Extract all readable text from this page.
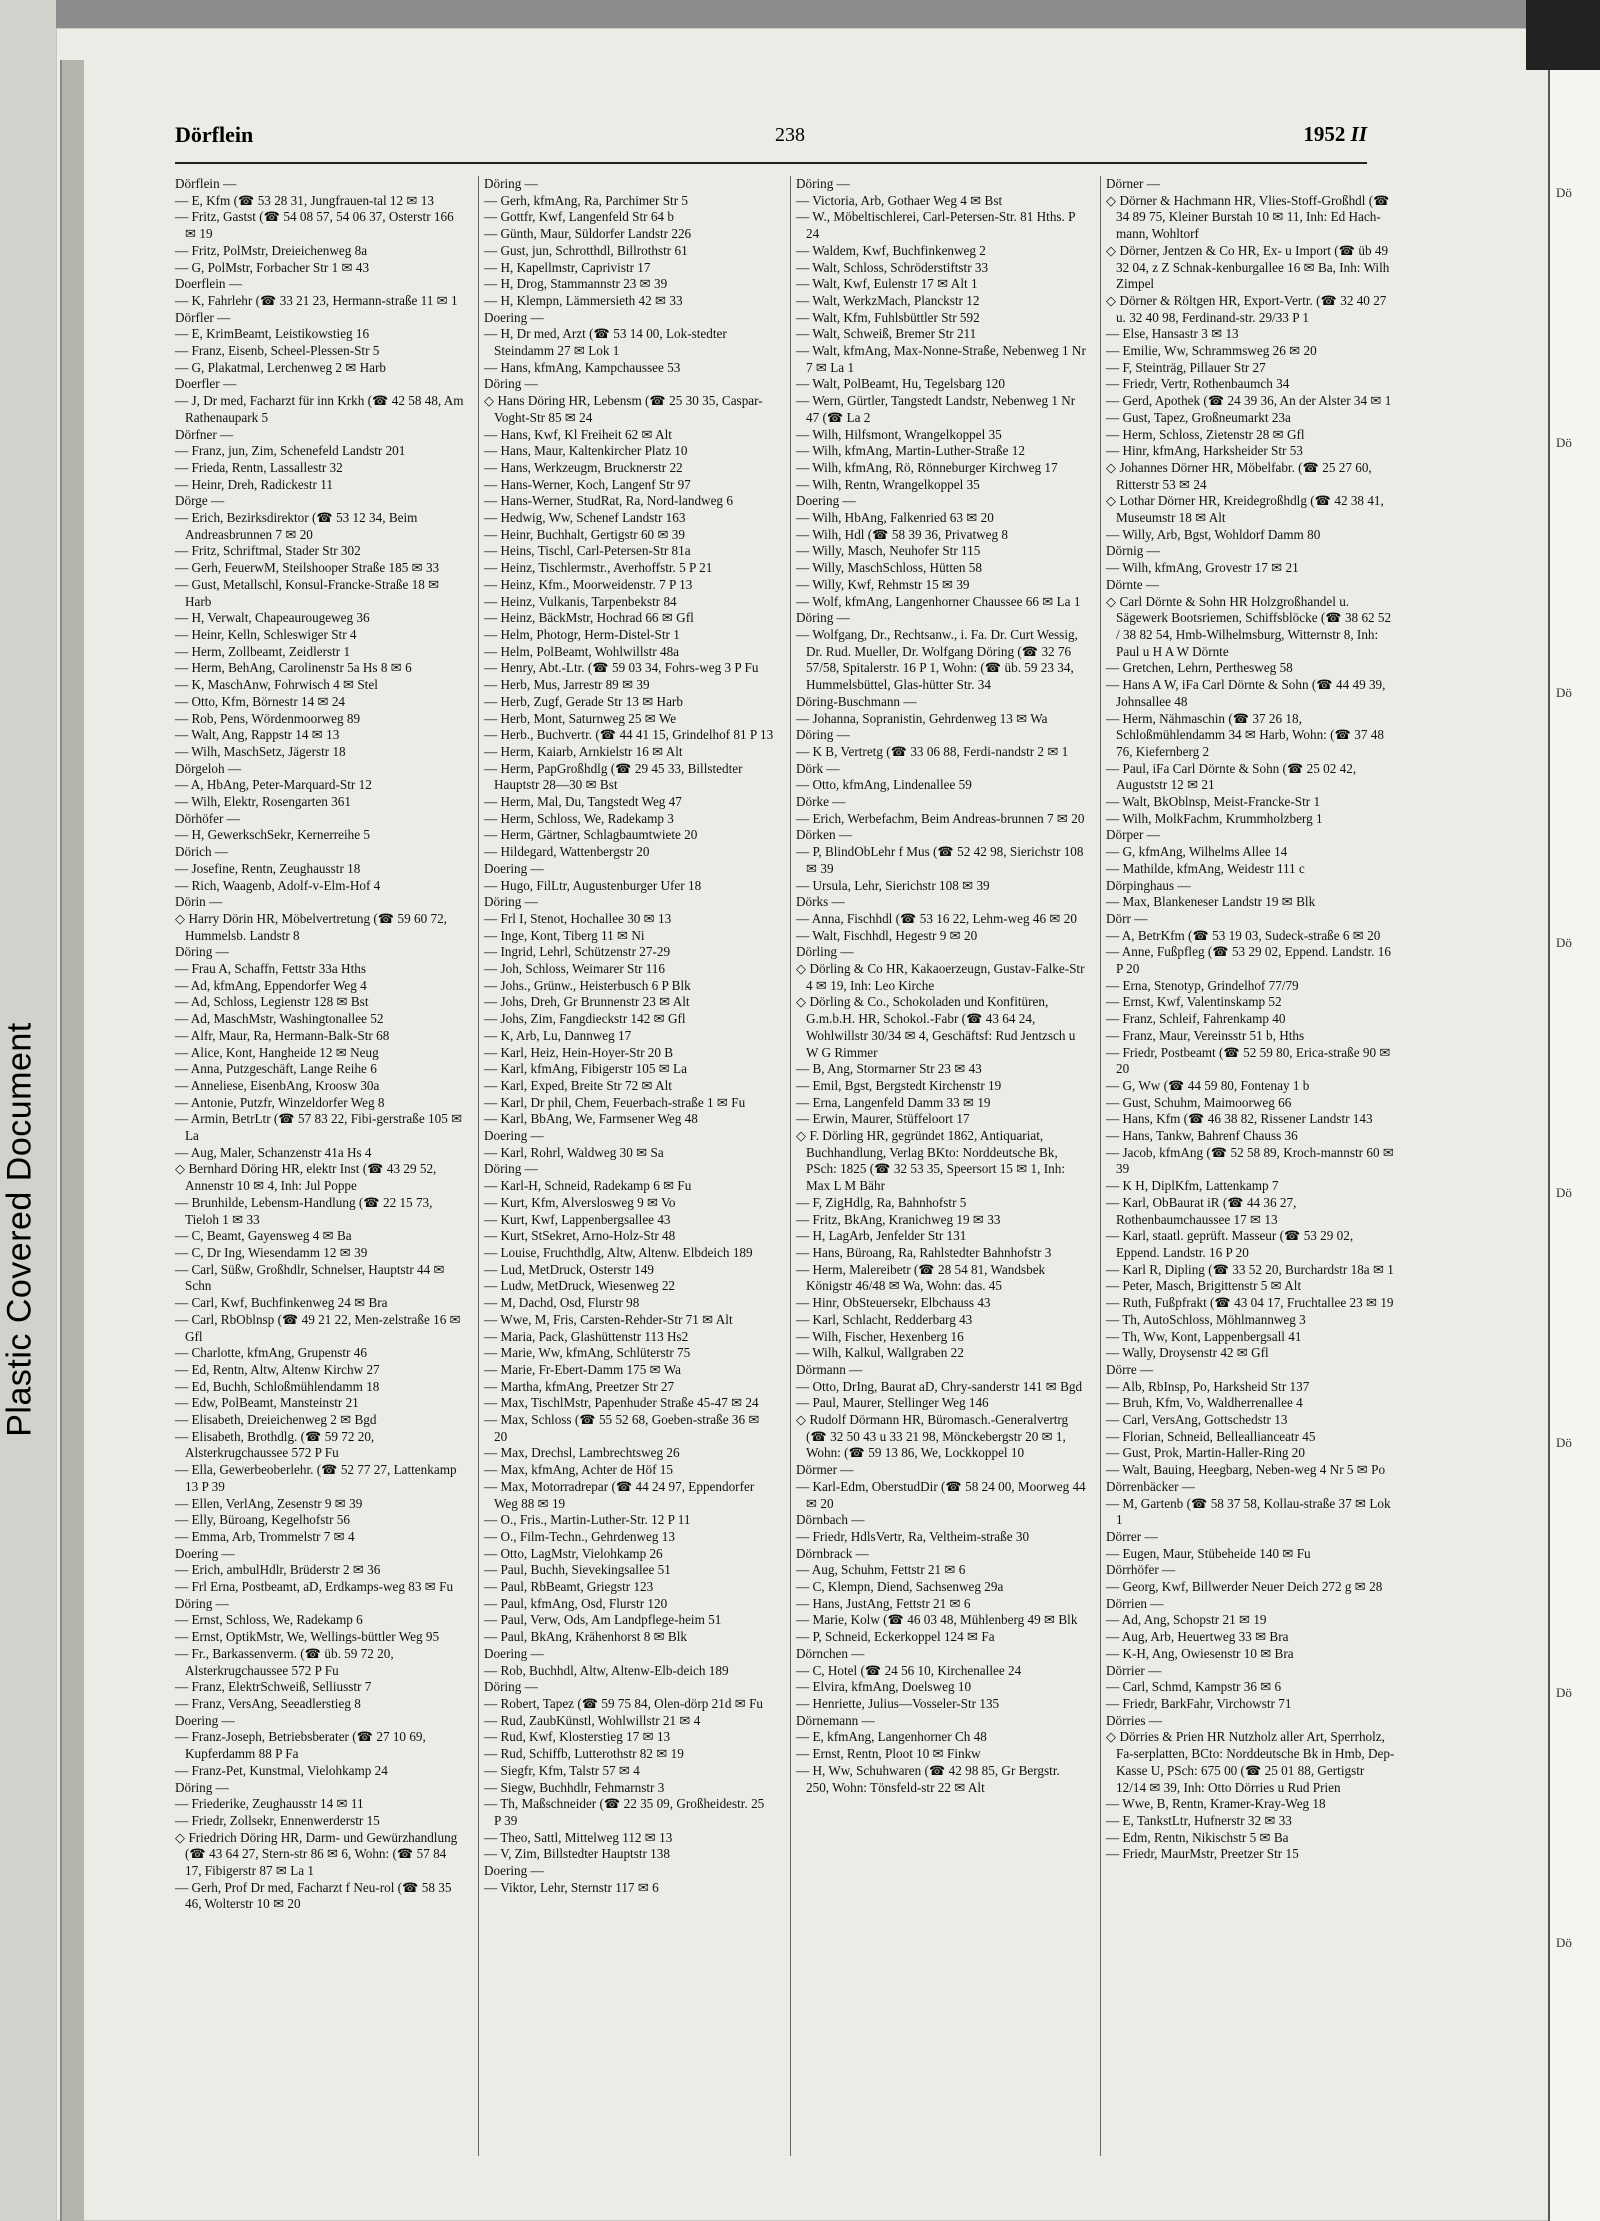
Plastic Covered Document
Dörflein	238	1952 II

Dörflein —

— E, Kfm (☎ 53 28 31, Jungfrauen-tal 12 ✉ 13

— Fritz, Gastst (☎ 54 08 57, 54 06 37, Osterstr 166 ✉ 19

— Fritz, PolMstr, Dreieichenweg 8a

— G, PolMstr, Forbacher Str 1 ✉ 43

Doerflein —

— K, Fahrlehr (☎ 33 21 23, Hermann-straße 11 ✉ 1

Dörfler —

— E, KrimBeamt, Leistikowstieg 16

— Franz, Eisenb, Scheel-Plessen-Str 5

— G, Plakatmal, Lerchenweg 2 ✉ Harb

Doerfler —

— J, Dr med, Facharzt für inn Krkh (☎ 42 58 48, Am Rathenaupark 5

Dörfner —

— Franz, jun, Zim, Schenefeld Landstr 201

— Frieda, Rentn, Lassallestr 32

— Heinr, Dreh, Radickestr 11

Dörge —

— Erich, Bezirksdirektor (☎ 53 12 34, Beim Andreasbrunnen 7 ✉ 20

— Fritz, Schriftmal, Stader Str 302

— Gerh, FeuerwM, Steilshooper Straße 185 ✉ 33

— Gust, Metallschl, Konsul-Francke-Straße 18 ✉ Harb

— H, Verwalt, Chapeaurougeweg 36

— Heinr, Kelln, Schleswiger Str 4

— Herm, Zollbeamt, Zeidlerstr 1

— Herm, BehAng, Carolinenstr 5a Hs 8 ✉ 6

— K, MaschAnw, Fohrwisch 4 ✉ Stel

— Otto, Kfm, Börnestr 14 ✉ 24

— Rob, Pens, Wördenmoorweg 89

— Walt, Ang, Rappstr 14 ✉ 13

— Wilh, MaschSetz, Jägerstr 18

Dörgeloh —

— A, HbAng, Peter-Marquard-Str 12

— Wilh, Elektr, Rosengarten 361

Dörhöfer —

— H, GewerkschSekr, Kernerreihe 5

Dörich —

— Josefine, Rentn, Zeughausstr 18

— Rich, Waagenb, Adolf-v-Elm-Hof 4

Dörin —

◇ Harry Dörin HR, Möbelvertretung (☎ 59 60 72, Hummelsb. Landstr 8

Döring —

— Frau A, Schaffn, Fettstr 33a Hths

— Ad, kfmAng, Eppendorfer Weg 4

— Ad, Schloss, Legienstr 128 ✉ Bst

— Ad, MaschMstr, Washingtonallee 52

— Alfr, Maur, Ra, Hermann-Balk-Str 68

— Alice, Kont, Hangheide 12 ✉ Neug

— Anna, Putzgeschäft, Lange Reihe 6

— Anneliese, EisenbAng, Kroosw 30a

— Antonie, Putzfr, Winzeldorfer Weg 8

— Armin, BetrLtr (☎ 57 83 22, Fibi-gerstraße 105 ✉ La

— Aug, Maler, Schanzenstr 41a Hs 4

◇ Bernhard Döring HR, elektr Inst (☎ 43 29 52, Annenstr 10 ✉ 4, Inh: Jul Poppe

— Brunhilde, Lebensm-Handlung (☎ 22 15 73, Tieloh 1 ✉ 33

— C, Beamt, Gayensweg 4 ✉ Ba

— C, Dr Ing, Wiesendamm 12 ✉ 39

— Carl, Süßw, Großhdlr, Schnelser, Hauptstr 44 ✉ Schn

— Carl, Kwf, Buchfinkenweg 24 ✉ Bra

— Carl, RbOblnsp (☎ 49 21 22, Men-zelstraße 16 ✉ Gfl

— Charlotte, kfmAng, Grupenstr 46

— Ed, Rentn, Altw, Altenw Kirchw 27

— Ed, Buchh, Schloßmühlendamm 18

— Edw, PolBeamt, Mansteinstr 21

— Elisabeth, Dreieichenweg 2 ✉ Bgd

— Elisabeth, Brothdlg. (☎ 59 72 20, Alsterkrugchaussee 572 P Fu

— Ella, Gewerbeoberlehr. (☎ 52 77 27, Lattenkamp 13 P 39

— Ellen, VerlAng, Zesenstr 9 ✉ 39

— Elly, Büroang, Kegelhofstr 56

— Emma, Arb, Trommelstr 7 ✉ 4

Doering —

— Erich, ambulHdlr, Brüderstr 2 ✉ 36

— Frl Erna, Postbeamt, aD, Erdkamps-weg 83 ✉ Fu

Döring —

— Ernst, Schloss, We, Radekamp 6

— Ernst, OptikMstr, We, Wellings-büttler Weg 95

— Fr., Barkassenverm. (☎ üb. 59 72 20, Alsterkrugchaussee 572 P Fu

— Franz, ElektrSchweiß, Selliusstr 7

— Franz, VersAng, Seeadlerstieg 8

Doering —

— Franz-Joseph, Betriebsberater (☎ 27 10 69, Kupferdamm 88 P Fa

— Franz-Pet, Kunstmal, Vielohkamp 24

Döring —

— Friederike, Zeughausstr 14 ✉ 11

— Friedr, Zollsekr, Ennenwerderstr 15

◇ Friedrich Döring HR, Darm- und Gewürzhandlung (☎ 43 64 27, Stern-str 86 ✉ 6, Wohn: (☎ 57 84 17, Fibigerstr 87 ✉ La 1

— Gerh, Prof Dr med, Facharzt f Neu-rol (☎ 58 35 46, Wolterstr 10 ✉ 20

Döring —

— Gerh, kfmAng, Ra, Parchimer Str 5

— Gottfr, Kwf, Langenfeld Str 64 b

— Günth, Maur, Süldorfer Landstr 226

— Gust, jun, Schrotthdl, Billrothstr 61

— H, Kapellmstr, Caprivistr 17

— H, Drog, Stammannstr 23 ✉ 39

— H, Klempn, Lämmersieth 42 ✉ 33

Doering —

— H, Dr med, Arzt (☎ 53 14 00, Lok-stedter Steindamm 27 ✉ Lok 1

— Hans, kfmAng, Kampchaussee 53

Döring —

◇ Hans Döring HR, Lebensm (☎ 25 30 35, Caspar-Voght-Str 85 ✉ 24

— Hans, Kwf, Kl Freiheit 62 ✉ Alt

— Hans, Maur, Kaltenkircher Platz 10

— Hans, Werkzeugm, Brucknerstr 22

— Hans-Werner, Koch, Langenf Str 97

— Hans-Werner, StudRat, Ra, Nord-landweg 6

— Hedwig, Ww, Schenef Landstr 163

— Heinr, Buchhalt, Gertigstr 60 ✉ 39

— Heins, Tischl, Carl-Petersen-Str 81a

— Heinz, Tischlermstr., Averhoffstr. 5 P 21

— Heinz, Kfm., Moorweidenstr. 7 P 13

— Heinz, Vulkanis, Tarpenbekstr 84

— Heinz, BäckMstr, Hochrad 66 ✉ Gfl

— Helm, Photogr, Herm-Distel-Str 1

— Helm, PolBeamt, Wohlwillstr 48a

— Henry, Abt.-Ltr. (☎ 59 03 34, Fohrs-weg 3 P Fu

— Herb, Mus, Jarrestr 89 ✉ 39

— Herb, Zugf, Gerade Str 13 ✉ Harb

— Herb, Mont, Saturnweg 25 ✉ We

— Herb., Buchvertr. (☎ 44 41 15, Grindelhof 81 P 13

— Herm, Kaiarb, Arnkielstr 16 ✉ Alt

— Herm, PapGroßhdlg (☎ 29 45 33, Billstedter Hauptstr 28—30 ✉ Bst

— Herm, Mal, Du, Tangstedt Weg 47

— Herm, Schloss, We, Radekamp 3

— Herm, Gärtner, Schlagbaumtwiete 20

— Hildegard, Wattenbergstr 20

Doering —

— Hugo, FilLtr, Augustenburger Ufer 18

Döring —

— Frl I, Stenot, Hochallee 30 ✉ 13

— Inge, Kont, Tiberg 11 ✉ Ni

— Ingrid, Lehrl, Schützenstr 27-29

— Joh, Schloss, Weimarer Str 116

— Johs., Grünw., Heisterbusch 6 P Blk

— Johs, Dreh, Gr Brunnenstr 23 ✉ Alt

— Johs, Zim, Fangdieckstr 142 ✉ Gfl

— K, Arb, Lu, Dannweg 17

— Karl, Heiz, Hein-Hoyer-Str 20 B

— Karl, kfmAng, Fibigerstr 105 ✉ La

— Karl, Exped, Breite Str 72 ✉ Alt

— Karl, Dr phil, Chem, Feuerbach-straße 1 ✉ Fu

— Karl, BbAng, We, Farmsener Weg 48

Doering —

— Karl, Rohrl, Waldweg 30 ✉ Sa

Döring —

— Karl-H, Schneid, Radekamp 6 ✉ Fu

— Kurt, Kfm, Alverslosweg 9 ✉ Vo

— Kurt, Kwf, Lappenbergsallee 43

— Kurt, StSekret, Arno-Holz-Str 48

— Louise, Fruchthdlg, Altw, Altenw. Elbdeich 189

— Lud, MetDruck, Osterstr 149

— Ludw, MetDruck, Wiesenweg 22

— M, Dachd, Osd, Flurstr 98

— Wwe, M, Fris, Carsten-Rehder-Str 71 ✉ Alt

— Maria, Pack, Glashüttenstr 113 Hs2

— Marie, Ww, kfmAng, Schlüterstr 75

— Marie, Fr-Ebert-Damm 175 ✉ Wa

— Martha, kfmAng, Preetzer Str 27

— Max, TischlMstr, Papenhuder Straße 45-47 ✉ 24

— Max, Schloss (☎ 55 52 68, Goeben-straße 36 ✉ 20

— Max, Drechsl, Lambrechtsweg 26

— Max, kfmAng, Achter de Höf 15

— Max, Motorradrepar (☎ 44 24 97, Eppendorfer Weg 88 ✉ 19

— O., Fris., Martin-Luther-Str. 12 P 11

— O., Film-Techn., Gehrdenweg 13

— Otto, LagMstr, Vielohkamp 26

— Paul, Buchh, Sievekingsallee 51

— Paul, RbBeamt, Griegstr 123

— Paul, kfmAng, Osd, Flurstr 120

— Paul, Verw, Ods, Am Landpflege-heim 51

— Paul, BkAng, Krähenhorst 8 ✉ Blk

Doering —

— Rob, Buchhdl, Altw, Altenw-Elb-deich 189

Döring —

— Robert, Tapez (☎ 59 75 84, Olen-dörp 21d ✉ Fu

— Rud, ZaubKünstl, Wohlwillstr 21 ✉ 4

— Rud, Kwf, Klosterstieg 17 ✉ 13

— Rud, Schiffb, Lutterothstr 82 ✉ 19

— Siegfr, Kfm, Talstr 57 ✉ 4

— Siegw, Buchhdlr, Fehmarnstr 3

— Th, Maßschneider (☎ 22 35 09, Großheidestr. 25 P 39

— Theo, Sattl, Mittelweg 112 ✉ 13

— V, Zim, Billstedter Hauptstr 138

Doering —

— Viktor, Lehr, Sternstr 117 ✉ 6

Döring —

— Victoria, Arb, Gothaer Weg 4 ✉ Bst

— W., Möbeltischlerei, Carl-Petersen-Str. 81 Hths. P 24

— Waldem, Kwf, Buchfinkenweg 2

— Walt, Schloss, Schröderstiftstr 33

— Walt, Kwf, Eulenstr 17 ✉ Alt 1

— Walt, WerkzMach, Planckstr 12

— Walt, Kfm, Fuhlsbüttler Str 592

— Walt, Schweiß, Bremer Str 211

— Walt, kfmAng, Max-Nonne-Straße, Nebenweg 1 Nr 7 ✉ La 1

— Walt, PolBeamt, Hu, Tegelsbarg 120

— Wern, Gürtler, Tangstedt Landstr, Nebenweg 1 Nr 47 (☎ La 2

— Wilh, Hilfsmont, Wrangelkoppel 35

— Wilh, kfmAng, Martin-Luther-Straße 12

— Wilh, kfmAng, Rö, Rönneburger Kirchweg 17

— Wilh, Rentn, Wrangelkoppel 35

Doering —

— Wilh, HbAng, Falkenried 63 ✉ 20

— Wilh, Hdl (☎ 58 39 36, Privatweg 8

— Willy, Masch, Neuhofer Str 115

— Willy, MaschSchloss, Hütten 58

— Willy, Kwf, Rehmstr 15 ✉ 39

— Wolf, kfmAng, Langenhorner Chaussee 66 ✉ La 1

Döring —

— Wolfgang, Dr., Rechtsanw., i. Fa. Dr. Curt Wessig, Dr. Rud. Mueller, Dr. Wolfgang Döring (☎ 32 76 57/58, Spitalerstr. 16 P 1, Wohn: (☎ üb. 59 23 34, Hummelsbüttel, Glas-hütter Str. 34

Döring-Buschmann —

— Johanna, Sopranistin, Gehrdenweg 13 ✉ Wa

Döring —

— K B, Vertretg (☎ 33 06 88, Ferdi-nandstr 2 ✉ 1

Dörk —

— Otto, kfmAng, Lindenallee 59

Dörke —

— Erich, Werbefachm, Beim Andreas-brunnen 7 ✉ 20

Dörken —

— P, BlindObLehr f Mus (☎ 52 42 98, Sierichstr 108 ✉ 39

— Ursula, Lehr, Sierichstr 108 ✉ 39

Dörks —

— Anna, Fischhdl (☎ 53 16 22, Lehm-weg 46 ✉ 20

— Walt, Fischhdl, Hegestr 9 ✉ 20

Dörling —

◇ Dörling & Co HR, Kakaoerzeugn, Gustav-Falke-Str 4 ✉ 19, Inh: Leo Kirche

◇ Dörling & Co., Schokoladen und Konfitüren, G.m.b.H. HR, Schokol.-Fabr (☎ 43 64 24, Wohlwillstr 30/34 ✉ 4, Geschäftsf: Rud Jentzsch u W G Rimmer

— B, Ang, Stormarner Str 23 ✉ 43

— Emil, Bgst, Bergstedt Kirchenstr 19

— Erna, Langenfeld Damm 33 ✉ 19

— Erwin, Maurer, Stüffeloort 17

◇ F. Dörling HR, gegründet 1862, Antiquariat, Buchhandlung, Verlag BKto: Norddeutsche Bk, PSch: 1825 (☎ 32 53 35, Speersort 15 ✉ 1, Inh: Max L M Bähr

— F, ZigHdlg, Ra, Bahnhofstr 5

— Fritz, BkAng, Kranichweg 19 ✉ 33

— H, LagArb, Jenfelder Str 131

— Hans, Büroang, Ra, Rahlstedter Bahnhofstr 3

— Herm, Malereibetr (☎ 28 54 81, Wandsbek Königstr 46/48 ✉ Wa, Wohn: das. 45

— Hinr, ObSteuersekr, Elbchauss 43

— Karl, Schlacht, Redderbarg 43

— Wilh, Fischer, Hexenberg 16

— Wilh, Kalkul, Wallgraben 22

Dörmann —

— Otto, DrIng, Baurat aD, Chry-sanderstr 141 ✉ Bgd

— Paul, Maurer, Stellinger Weg 146

◇ Rudolf Dörmann HR, Büromasch.-Generalvertrg (☎ 32 50 43 u 33 21 98, Mönckebergstr 20 ✉ 1, Wohn: (☎ 59 13 86, We, Lockkoppel 10

Dörmer —

— Karl-Edm, OberstudDir (☎ 58 24 00, Moorweg 44 ✉ 20

Dörnbach —

— Friedr, HdlsVertr, Ra, Veltheim-straße 30

Dörnbrack —

— Aug, Schuhm, Fettstr 21 ✉ 6

— C, Klempn, Diend, Sachsenweg 29a

— Hans, JustAng, Fettstr 21 ✉ 6

— Marie, Kolw (☎ 46 03 48, Mühlenberg 49 ✉ Blk

— P, Schneid, Eckerkoppel 124 ✉ Fa

Dörnchen —

— C, Hotel (☎ 24 56 10, Kirchenallee 24

— Elvira, kfmAng, Doelsweg 10

— Henriette, Julius—Vosseler-Str 135

Dörnemann —

— E, kfmAng, Langenhorner Ch 48

— Ernst, Rentn, Ploot 10 ✉ Finkw

— H, Ww, Schuhwaren (☎ 42 98 85, Gr Bergstr. 250, Wohn: Tönsfeld-str 22 ✉ Alt

Dörner —

◇ Dörner & Hachmann HR, Vlies-Stoff-Großhdl (☎ 34 89 75, Kleiner Burstah 10 ✉ 11, Inh: Ed Hach-mann, Wohltorf

◇ Dörner, Jentzen & Co HR, Ex- u Import (☎ üb 49 32 04, z Z Schnak-kenburgallee 16 ✉ Ba, Inh: Wilh Zimpel

◇ Dörner & Röltgen HR, Export-Vertr. (☎ 32 40 27 u. 32 40 98, Ferdinand-str. 29/33 P 1

— Else, Hansastr 3 ✉ 13

— Emilie, Ww, Schrammsweg 26 ✉ 20

— F, Steinträg, Pillauer Str 27

— Friedr, Vertr, Rothenbaumch 34

— Gerd, Apothek (☎ 24 39 36, An der Alster 34 ✉ 1

— Gust, Tapez, Großneumarkt 23a

— Herm, Schloss, Zietenstr 28 ✉ Gfl

— Hinr, kfmAng, Harksheider Str 53

◇ Johannes Dörner HR, Möbelfabr. (☎ 25 27 60, Ritterstr 53 ✉ 24

◇ Lothar Dörner HR, Kreidegroßhdlg (☎ 42 38 41, Museumstr 18 ✉ Alt

— Willy, Arb, Bgst, Wohldorf Damm 80

Dörnig —

— Wilh, kfmAng, Grovestr 17 ✉ 21

Dörnte —

◇ Carl Dörnte & Sohn HR Holzgroßhandel u. Sägewerk Bootsriemen, Schiffsblöcke (☎ 38 62 52 / 38 82 54, Hmb-Wilhelmsburg, Witternstr 8, Inh: Paul u H A W Dörnte

— Gretchen, Lehrn, Perthesweg 58

— Hans A W, iFa Carl Dörnte & Sohn (☎ 44 49 39, Johnsallee 48

— Herm, Nähmaschin (☎ 37 26 18, Schloßmühlendamm 34 ✉ Harb, Wohn: (☎ 37 48 76, Kiefernberg 2

— Paul, iFa Carl Dörnte & Sohn (☎ 25 02 42, Auguststr 12 ✉ 21

— Walt, BkOblnsp, Meist-Francke-Str 1

— Wilh, MolkFachm, Krummholzberg 1

Dörper —

— G, kfmAng, Wilhelms Allee 14

— Mathilde, kfmAng, Weidestr 111 c

Dörpinghaus —

— Max, Blankeneser Landstr 19 ✉ Blk

Dörr —

— A, BetrKfm (☎ 53 19 03, Sudeck-straße 6 ✉ 20

— Anne, Fußpfleg (☎ 53 29 02, Eppend. Landstr. 16 P 20

— Erna, Stenotyp, Grindelhof 77/79

— Ernst, Kwf, Valentinskamp 52

— Franz, Schleif, Fahrenkamp 40

— Franz, Maur, Vereinsstr 51 b, Hths

— Friedr, Postbeamt (☎ 52 59 80, Erica-straße 90 ✉ 20

— G, Ww (☎ 44 59 80, Fontenay 1 b

— Gust, Schuhm, Maimoorweg 66

— Hans, Kfm (☎ 46 38 82, Rissener Landstr 143

— Hans, Tankw, Bahrenf Chauss 36

— Jacob, kfmAng (☎ 52 58 89, Kroch-mannstr 60 ✉ 39

— K H, DiplKfm, Lattenkamp 7

— Karl, ObBaurat iR (☎ 44 36 27, Rothenbaumchaussee 17 ✉ 13

— Karl, staatl. geprüft. Masseur (☎ 53 29 02, Eppend. Landstr. 16 P 20

— Karl R, Dipling (☎ 33 52 20, Burchardstr 18a ✉ 1

— Peter, Masch, Brigittenstr 5 ✉ Alt

— Ruth, Fußpfrakt (☎ 43 04 17, Fruchtallee 23 ✉ 19

— Th, AutoSchloss, Möhlmannweg 3

— Th, Ww, Kont, Lappenbergsall 41

— Wally, Droysenstr 42 ✉ Gfl

Dörre —

— Alb, RbInsp, Po, Harksheid Str 137

— Bruh, Kfm, Vo, Waldherrenallee 4

— Carl, VersAng, Gottschedstr 13

— Florian, Schneid, Belleallianceatr 45

— Gust, Prok, Martin-Haller-Ring 20

— Walt, Bauing, Heegbarg, Neben-weg 4 Nr 5 ✉ Po

Dörrenbäcker —

— M, Gartenb (☎ 58 37 58, Kollau-straße 37 ✉ Lok 1

Dörrer —

— Eugen, Maur, Stübeheide 140 ✉ Fu

Dörrhöfer —

— Georg, Kwf, Billwerder Neuer Deich 272 g ✉ 28

Dörrien —

— Ad, Ang, Schopstr 21 ✉ 19

— Aug, Arb, Heuertweg 33 ✉ Bra

— K-H, Ang, Owiesenstr 10 ✉ Bra

Dörrier —

— Carl, Schmd, Kampstr 36 ✉ 6

— Friedr, BarkFahr, Virchowstr 71

Dörries —

◇ Dörries & Prien HR Nutzholz aller Art, Sperrholz, Fa-serplatten, BCto: Norddeutsche Bk in Hmb, Dep-Kasse U, PSch: 675 00 (☎ 25 01 88, Gertigstr 12/14 ✉ 39, Inh: Otto Dörries u Rud Prien

— Wwe, B, Rentn, Kramer-Kray-Weg 18

— E, TankstLtr, Hufnerstr 32 ✉ 33

— Edm, Rentn, Nikischstr 5 ✉ Ba

— Friedr, MaurMstr, Preetzer Str 15

Dö
Dö
Dö
Dö
Dö
Dö
Dö
Dö
